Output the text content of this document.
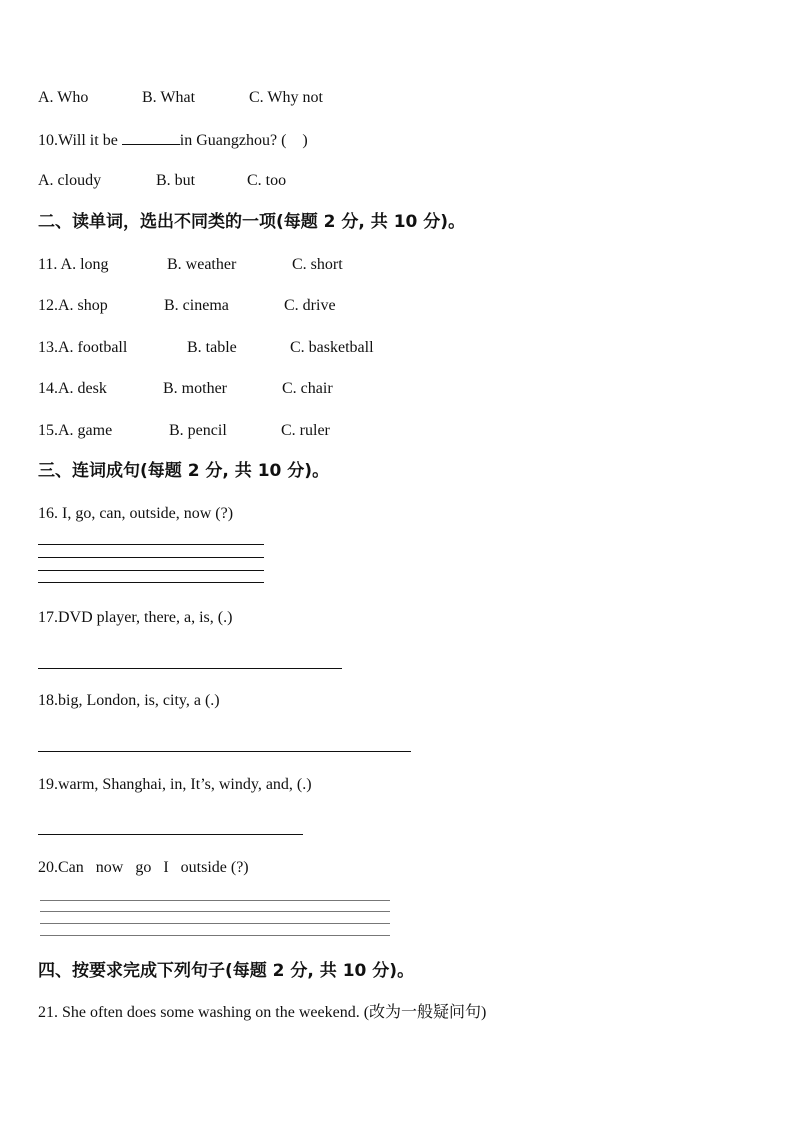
A. Who	B. What	C. Why not
10.Will it be	in Guangzhou? (    )
A. cloudy	B. but	C. too
二、读单词，选出不同类的一项(每题 2 分, 共 10 分)。
11. A. long	B. weather	C. short
12.A. shop	B. cinema	C. drive
13.A. football	B. table	C. basketball
14.A. desk	B. mother	C. chair
15.A. game	B. pencil	C. ruler
三、连词成句(每题 2 分, 共 10 分)。
16. I, go, can, outside, now (?)
17.DVD player, there, a, is, (.)
18.big, London, is, city, a (.)
19.warm, Shanghai, in, It’s, windy, and, (.)
20.Can   now   go   I   outside (?)
四、按要求完成下列句子(每题 2 分, 共 10 分)。
21. She often does some washing on the weekend. (改为一般疑问句)
